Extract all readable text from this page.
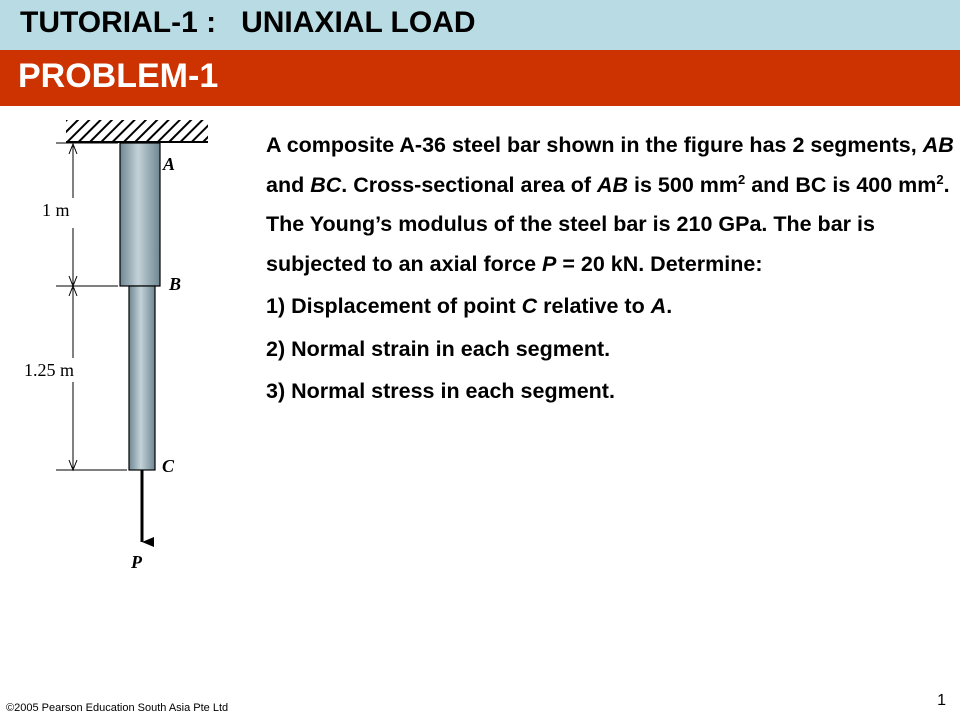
TUTORIAL-1 :   UNIAXIAL LOAD
PROBLEM-1
A
B
C
P
1 m
1.25 m

A composite A-36 steel bar shown in the figure has 2 segments, AB and BC. Cross-sectional area of AB is 500 $mm^2$ and BC is 400 $mm^2$. The Young’s modulus of the steel bar is 210 GPa. The bar is subjected to an axial force P = 20 kN. Determine:

1) Displacement of point C relative to A.

2) Normal strain in each segment.

3) Normal stress in each segment.

©2005 Pearson Education South Asia Pte Ltd	1
